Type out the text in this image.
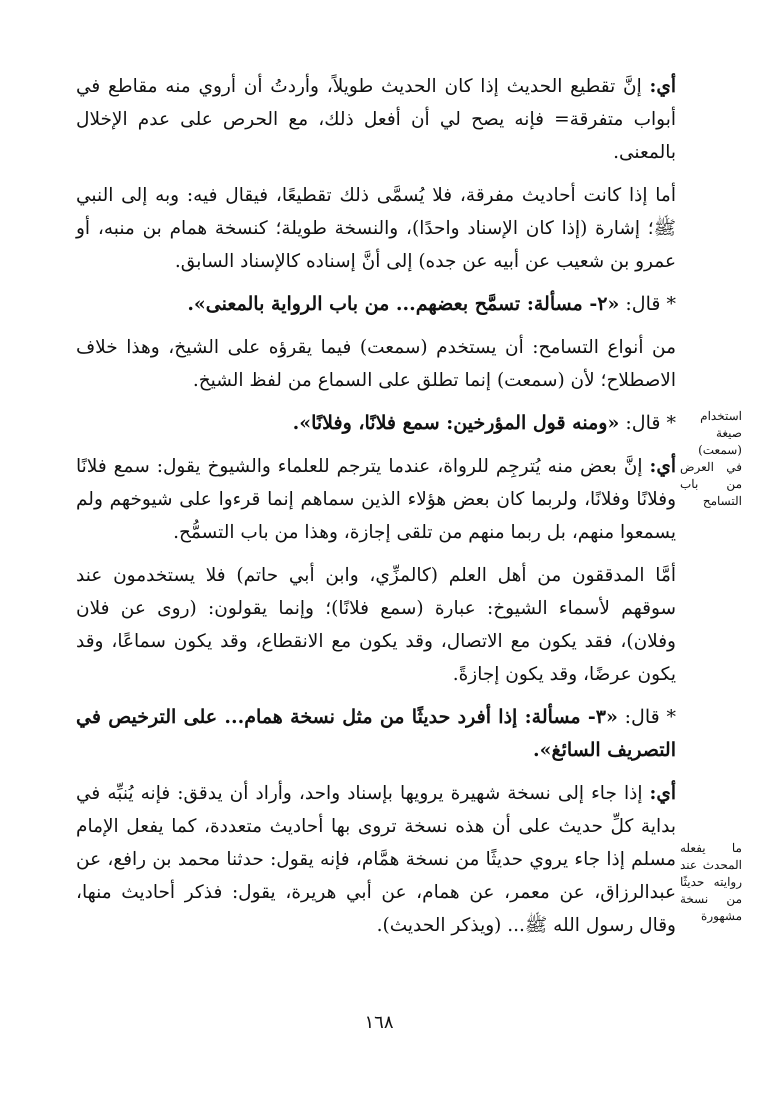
أي: إنَّ تقطيع الحديث إذا كان الحديث طويلاً، وأردتُ أن أروي منه مقاطع في أبواب متفرقة= فإنه يصح لي أن أفعل ذلك، مع الحرص على عدم الإخلال بالمعنى.

أما إذا كانت أحاديث مفرقة، فلا يُسمَّى ذلك تقطيعًا، فيقال فيه: وبه إلى النبي ﷺ؛ إشارة (إذا كان الإسناد واحدًا)، والنسخة طويلة؛ كنسخة همام بن منبه، أو عمرو بن شعيب عن أبيه عن جده) إلى أنَّ إسناده كالإسناد السابق.

* قال: «٢- مسألة: تسمَّح بعضهم... من باب الرواية بالمعنى».

من أنواع التسامح: أن يستخدم (سمعت) فيما يقرؤه على الشيخ، وهذا خلاف الاصطلاح؛ لأن (سمعت) إنما تطلق على السماع من لفظ الشيخ.

* قال: «ومنه قول المؤرخين: سمع فلانًا، وفلانًا».

أي: إنَّ بعض منه يُترجِم للرواة، عندما يترجم للعلماء والشيوخ يقول: سمع فلانًا وفلانًا وفلانًا، ولربما كان بعض هؤلاء الذين سماهم إنما قرءوا على شيوخهم ولم يسمعوا منهم، بل ربما منهم من تلقى إجازة، وهذا من باب التسمُّح.

أمَّا المدققون من أهل العلم (كالمزِّي، وابن أبي حاتم) فلا يستخدمون عند سوقهم لأسماء الشيوخ: عبارة (سمع فلانًا)؛ وإنما يقولون: (روى عن فلان وفلان)، فقد يكون مع الاتصال، وقد يكون مع الانقطاع، وقد يكون سماعًا، وقد يكون عرضًا، وقد يكون إجازةً.

* قال: «٣- مسألة: إذا أفرد حديثًا من مثل نسخة همام... على الترخيص في التصريف السائغ».

أي: إذا جاء إلى نسخة شهيرة يرويها بإسناد واحد، وأراد أن يدقق: فإنه يُنبِّه في بداية كلِّ حديث على أن هذه نسخة تروى بها أحاديث متعددة، كما يفعل الإمام مسلم إذا جاء يروي حديثًا من نسخة همَّام، فإنه يقول: حدثنا محمد بن رافع، عن عبدالرزاق، عن معمر، عن همام، عن أبي هريرة، يقول: فذكر أحاديث منها، وقال رسول الله ﷺ... (ويذكر الحديث).

استخدام صيغة (سمعت) في العرض من باب التسامح
ما يفعله المحدث عند روايته حديثًا من نسخة مشهورة
١٦٨
